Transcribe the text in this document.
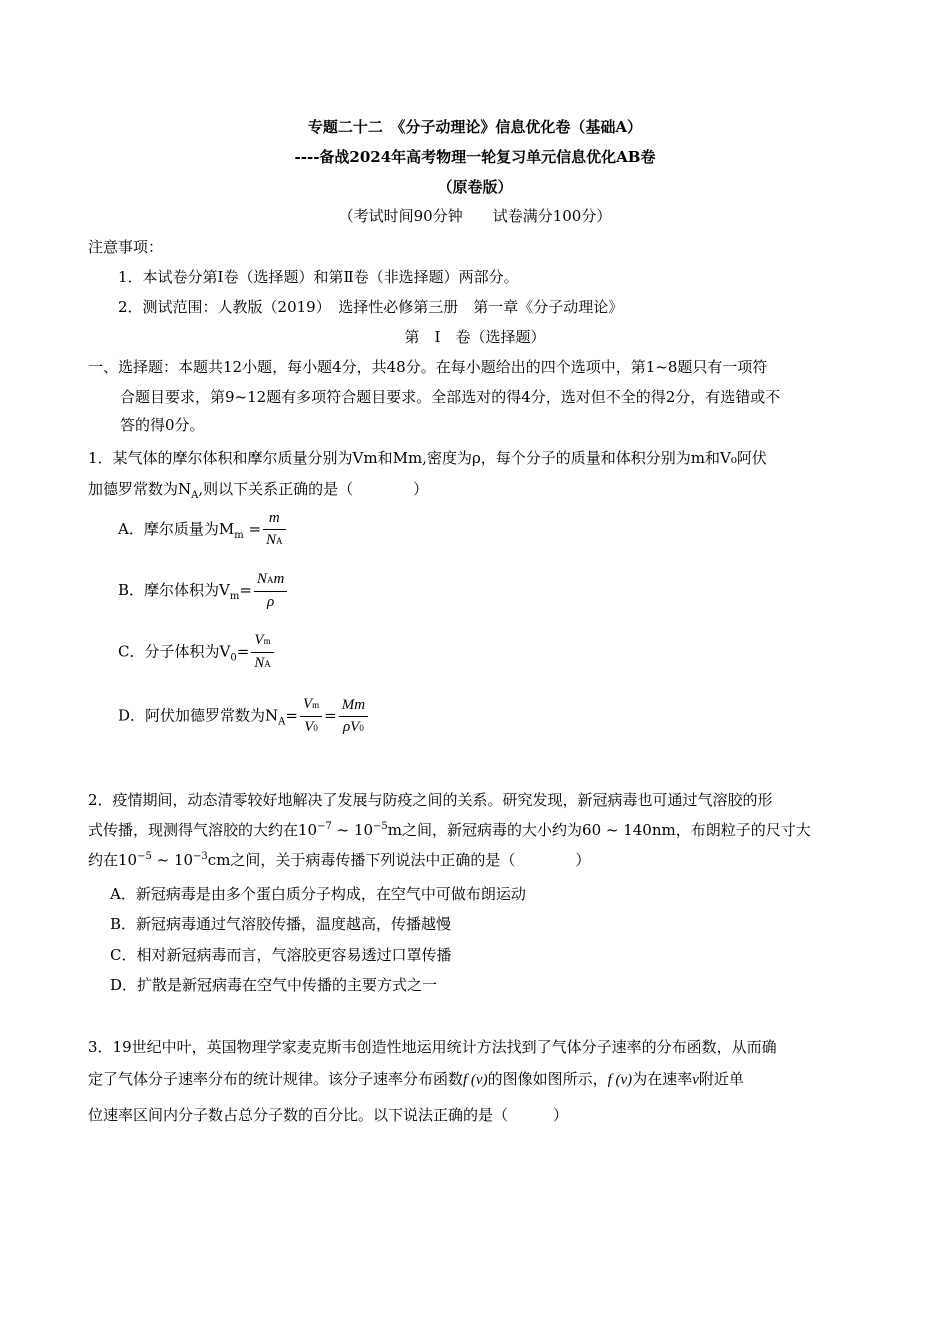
专题二十二　《分子动理论》信息优化卷（基础A）
----备战2024年高考物理一轮复习单元信息优化AB卷
（原卷版）
（考试时间90分钟　　试卷满分100分）
注意事项：
1．本试卷分第Ⅰ卷（选择题）和第Ⅱ卷（非选择题）两部分。
2．测试范围：人教版（2019）　选择性必修第三册　第一章《分子动理论》
第　Ⅰ　卷（选择题）
一、选择题：本题共12小题，每小题4分，共48分。在每小题给出的四个选项中，第1~8题只有一项符
合题目要求，第9~12题有多项符合题目要求。全部选对的得4分，选对但不全的得2分，有选错或不
答的得0分。
1．某气体的摩尔体积和摩尔质量分别为Vm和Mm,密度为ρ，每个分子的质量和体积分别为m和V₀阿伏
加德罗常数为$N_A$,则以下关系正确的是（　　　　）
A．摩尔质量为$M_m = \frac{m}{NA}$
B．摩尔体积为$V_m= \frac{\text{NAm}}{\rho}$
C．分子体积为$V_0= \frac{Vm}{NA}$
D．阿伏加德罗常数为$N_A= \frac{Vm}{V0} = \frac{Mm}{\rho V0}$
2．疫情期间，动态清零较好地解决了发展与防疫之间的关系。研究发现，新冠病毒也可通过气溶胶的形
式传播，现测得气溶胶的大约在$10^{-7}$ ~ $10^{-5}m$之间，新冠病毒的大小约为60 ~ 140nm，布朗粒子的尺寸大
约在$10^{-5}$ ~ $10^{-3}cm$之间，关于病毒传播下列说法中正确的是（　　　　）
A．新冠病毒是由多个蛋白质分子构成，在空气中可做布朗运动
B．新冠病毒通过气溶胶传播，温度越高，传播越慢
C．相对新冠病毒而言，气溶胶更容易透过口罩传播
D．扩散是新冠病毒在空气中传播的主要方式之一
3．19世纪中叶，英国物理学家麦克斯韦创造性地运用统计方法找到了气体分子速率的分布函数，从而确
定了气体分子速率分布的统计规律。该分子速率分布函数f (v)的图像如图所示，f (v)为在速率v附近单
位速率区间内分子数占总分子数的百分比。以下说法正确的是（　　　）
